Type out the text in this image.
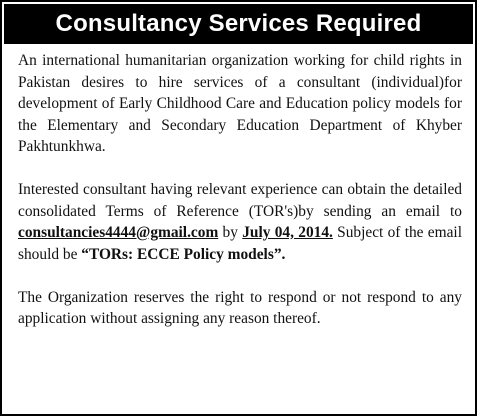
Consultancy Services Required

An international humanitarian organization working for child rights in Pakistan desires to hire services of a consultant (individual)for development of Early Childhood Care and Education policy models for the Elementary and Secondary Education Department of Khyber Pakhtunkhwa.

Interested consultant having relevant experience can obtain the detailed consolidated Terms of Reference (TOR's)by sending an email to consultancies4444@gmail.com by July 04, 2014. Subject of the email should be “TORs: ECCE Policy models”.

The Organization reserves the right to respond or not respond to any application without assigning any reason thereof.
